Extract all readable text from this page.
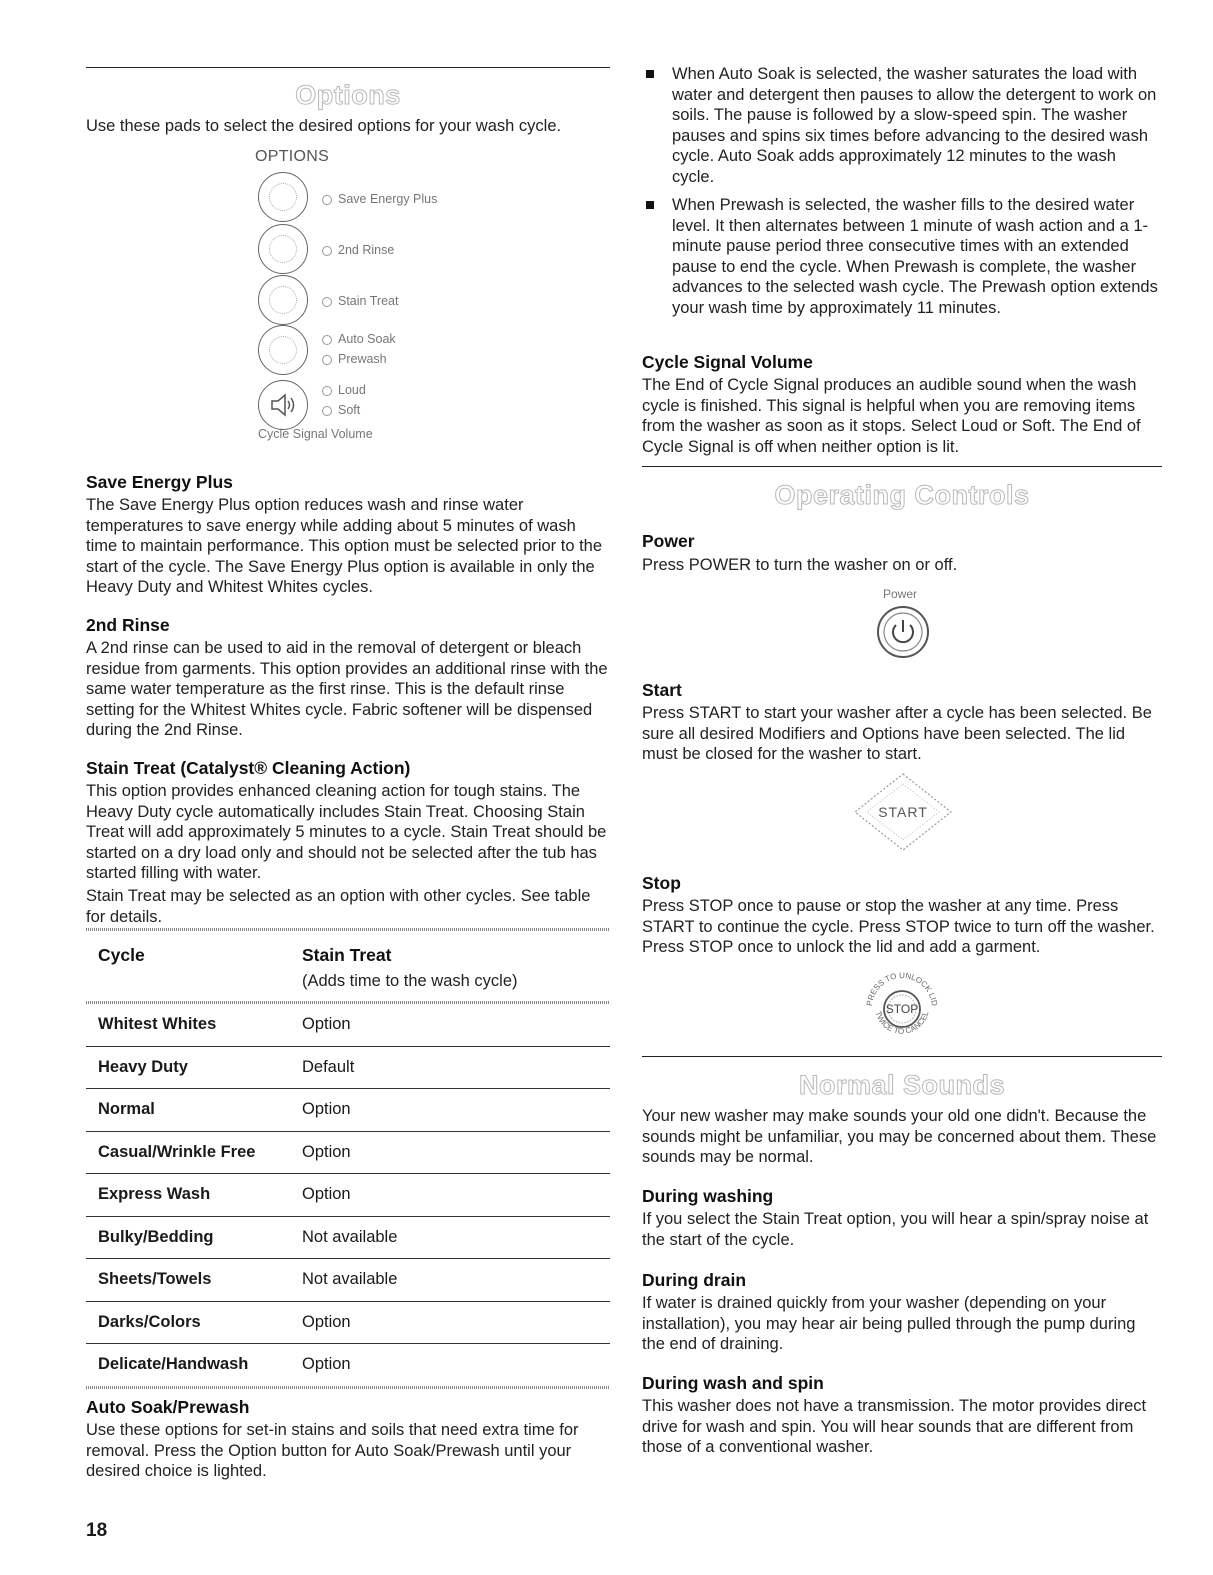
Options
Use these pads to select the desired options for your wash cycle.
OPTIONS
Save Energy Plus
2nd Rinse
Stain Treat
Auto Soak
Prewash
Loud
Soft
Cycle Signal Volume
Save Energy Plus
The Save Energy Plus option reduces wash and rinse water temperatures to save energy while adding about 5 minutes of wash time to maintain performance. This option must be selected prior to the start of the cycle. The Save Energy Plus option is available in only the Heavy Duty and Whitest Whites cycles.
2nd Rinse
A 2nd rinse can be used to aid in the removal of detergent or bleach residue from garments. This option provides an additional rinse with the same water temperature as the first rinse. This is the default rinse setting for the Whitest Whites cycle. Fabric softener will be dispensed during the 2nd Rinse.
Stain Treat (Catalyst® Cleaning Action)
This option provides enhanced cleaning action for tough stains. The Heavy Duty cycle automatically includes Stain Treat. Choosing Stain Treat will add approximately 5 minutes to a cycle. Stain Treat should be started on a dry load only and should not be selected after the tub has started filling with water.
Stain Treat may be selected as an option with other cycles. See table for details.
Cycle	Stain Treat
(Adds time to the wash cycle)
Whitest Whites	Option
Heavy Duty	Default
Normal	Option
Casual/Wrinkle Free	Option
Express Wash	Option
Bulky/Bedding	Not available
Sheets/Towels	Not available
Darks/Colors	Option
Delicate/Handwash	Option
Auto Soak/Prewash
Use these options for set-in stains and soils that need extra time for removal. Press the Option button for Auto Soak/Prewash until your desired choice is lighted.
18
When Auto Soak is selected, the washer saturates the load with water and detergent then pauses to allow the detergent to work on soils. The pause is followed by a slow-speed spin. The washer pauses and spins six times before advancing to the desired wash cycle. Auto Soak adds approximately 12 minutes to the wash cycle.
When Prewash is selected, the washer fills to the desired water level. It then alternates between 1 minute of wash action and a 1-minute pause period three consecutive times with an extended pause to end the cycle. When Prewash is complete, the washer advances to the selected wash cycle. The Prewash option extends your wash time by approximately 11 minutes.
Cycle Signal Volume
The End of Cycle Signal produces an audible sound when the wash cycle is finished. This signal is helpful when you are removing items from the washer as soon as it stops. Select Loud or Soft. The End of Cycle Signal is off when neither option is lit.
Operating Controls
Power
Press POWER to turn the washer on or off.
Power
Start
Press START to start your washer after a cycle has been selected. Be sure all desired Modifiers and Options have been selected. The lid must be closed for the washer to start.
START
Stop
Press STOP once to pause or stop the washer at any time. Press START to continue the cycle. Press STOP twice to turn off the washer. Press STOP once to unlock the lid and add a garment.
PRESS TO UNLOCK LID
TWICE TO CANCEL
STOP
Normal Sounds
Your new washer may make sounds your old one didn't. Because the sounds might be unfamiliar, you may be concerned about them. These sounds may be normal.
During washing
If you select the Stain Treat option, you will hear a spin/spray noise at the start of the cycle.
During drain
If water is drained quickly from your washer (depending on your installation), you may hear air being pulled through the pump during the end of draining.
During wash and spin
This washer does not have a transmission. The motor provides direct drive for wash and spin. You will hear sounds that are different from those of a conventional washer.
